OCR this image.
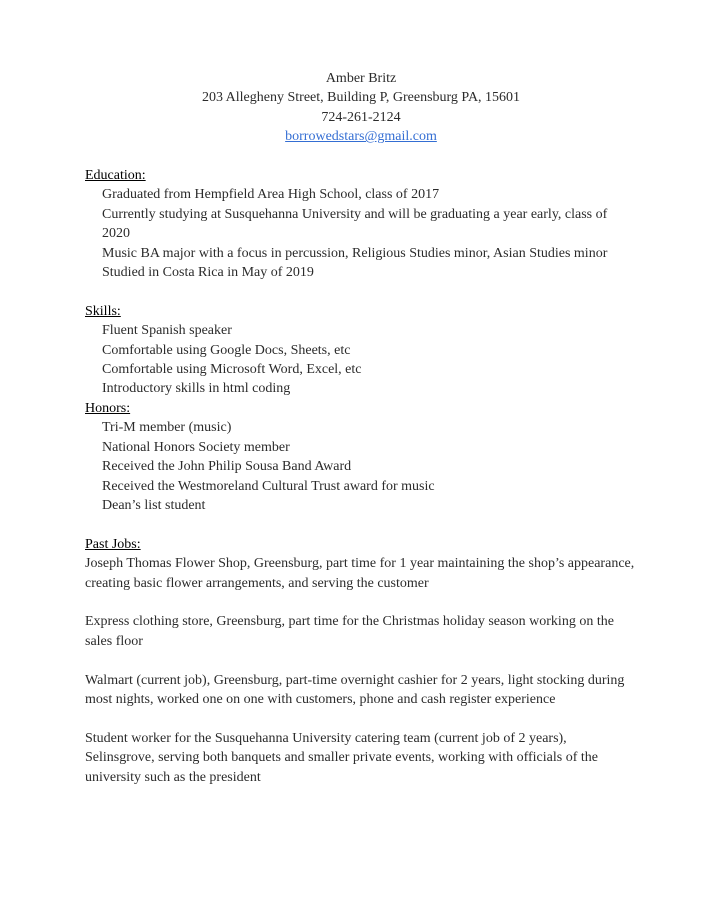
Amber Britz
203 Allegheny Street, Building P, Greensburg PA, 15601
724-261-2124
borrowedstars@gmail.com
Education:
Graduated from Hempfield Area High School, class of 2017
Currently studying at Susquehanna University and will be graduating a year early, class of 2020
Music BA major with a focus in percussion, Religious Studies minor, Asian Studies minor
Studied in Costa Rica in May of 2019
Skills:
Fluent Spanish speaker
Comfortable using Google Docs, Sheets, etc
Comfortable using Microsoft Word, Excel, etc
Introductory skills in html coding
Honors:
Tri-M member (music)
National Honors Society member
Received the John Philip Sousa Band Award
Received the Westmoreland Cultural Trust award for music
Dean’s list student
Past Jobs:
Joseph Thomas Flower Shop, Greensburg, part time for 1 year maintaining the shop’s appearance, creating basic flower arrangements, and serving the customer
Express clothing store, Greensburg, part time for the Christmas holiday season working on the sales floor
Walmart (current job), Greensburg, part-time overnight cashier for 2 years, light stocking during most nights, worked one on one with customers, phone and cash register experience
Student worker for the Susquehanna University catering team (current job of 2 years), Selinsgrove, serving both banquets and smaller private events, working with officials of the university such as the president
